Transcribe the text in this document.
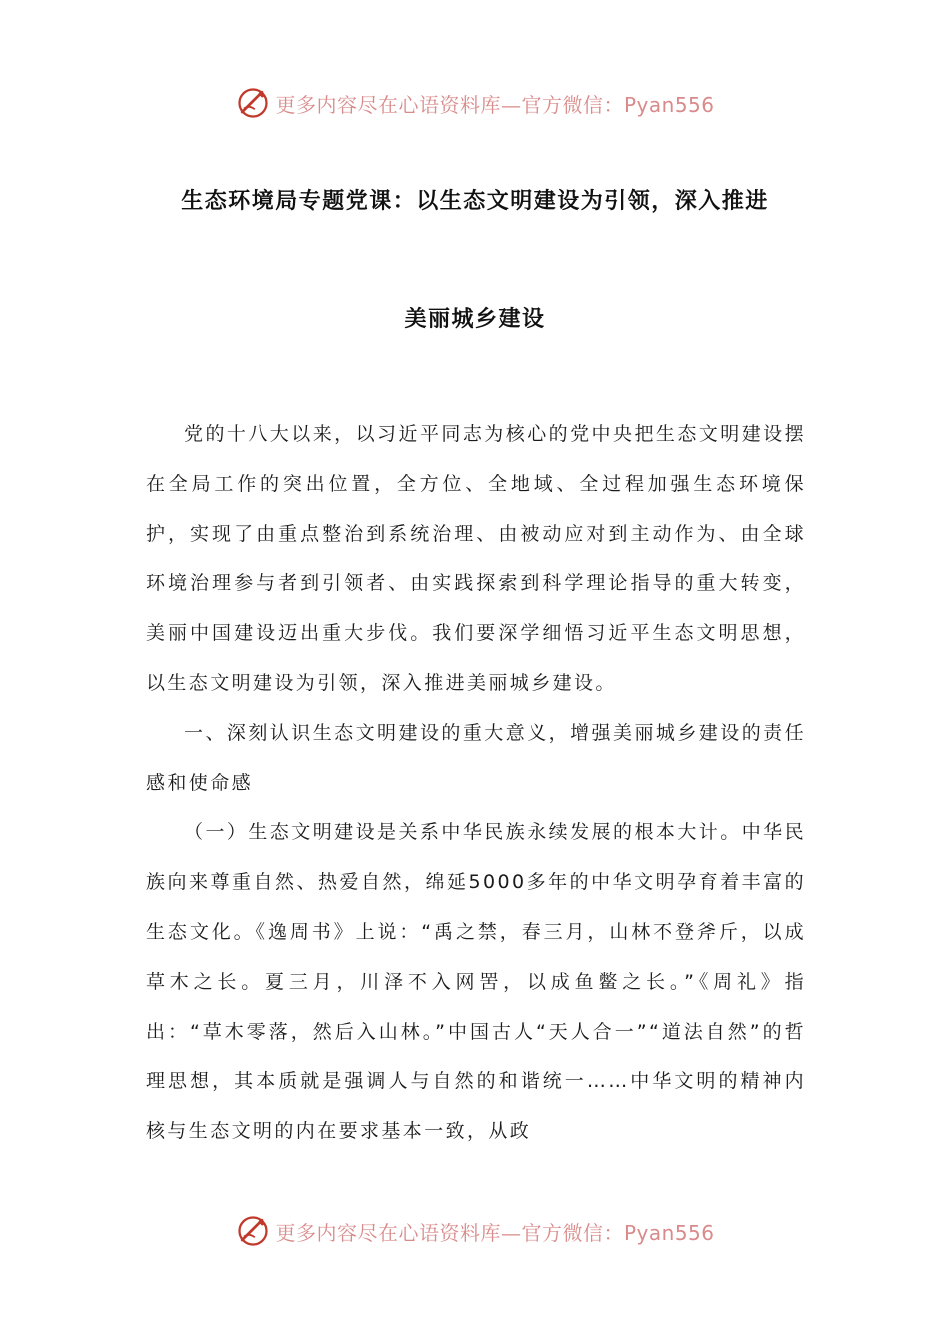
更多内容尽在心语资料库—官方微信：Pyan556
生态环境局专题党课：以生态文明建设为引领，深入推进
美丽城乡建设

党的十八大以来，以习近平同志为核心的党中央把生态文明建设摆在全局工作的突出位置，全方位、全地域、全过程加强生态环境保护，实现了由重点整治到系统治理、由被动应对到主动作为、由全球环境治理参与者到引领者、由实践探索到科学理论指导的重大转变，美丽中国建设迈出重大步伐。我们要深学细悟习近平生态文明思想，以生态文明建设为引领，深入推进美丽城乡建设。

一、深刻认识生态文明建设的重大意义，增强美丽城乡建设的责任感和使命感

（一）生态文明建设是关系中华民族永续发展的根本大计。中华民族向来尊重自然、热爱自然，绵延5000多年的中华文明孕育着丰富的生态文化。《逸周书》上说：“禹之禁，春三月，山林不登斧斤，以成草木之长。夏三月，川泽不入网罟，以成鱼鳖之长。”《周礼》指出：“草木零落，然后入山林。”中国古人“天人合一”“道法自然”的哲理思想，其本质就是强调人与自然的和谐统一……中华文明的精神内核与生态文明的内在要求基本一致，从政

更多内容尽在心语资料库—官方微信：Pyan556
